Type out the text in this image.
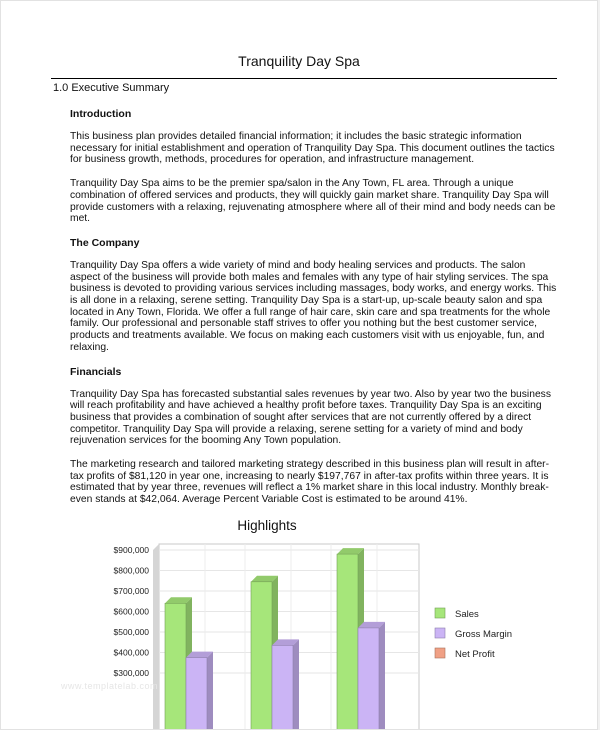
Tranquility Day Spa
1.0 Executive Summary
Introduction

This business plan provides detailed financial information; it includes the basic strategic information necessary for initial establishment and operation of Tranquility Day Spa. This document outlines the tactics for business growth, methods, procedures for operation, and infrastructure management.

Tranquility Day Spa aims to be the premier spa/salon in the Any Town, FL area. Through a unique combination of offered services and products, they will quickly gain market share. Tranquility Day Spa will provide customers with a relaxing, rejuvenating atmosphere where all of their mind and body needs can be met.

The Company

Tranquility Day Spa offers a wide variety of mind and body healing services and products. The salon aspect of the business will provide both males and females with any type of hair styling services. The spa business is devoted to providing various services including massages, body works, and energy works. This is all done in a relaxing, serene setting. Tranquility Day Spa is a start-up, up-scale beauty salon and spa located in Any Town, Florida. We offer a full range of hair care, skin care and spa treatments for the whole family. Our professional and personable staff strives to offer you nothing but the best customer service, products and treatments available. We focus on making each customers visit with us enjoyable, fun, and relaxing.

Financials

Tranquility Day Spa has forecasted substantial sales revenues by year two. Also by year two the business will reach profitability and have achieved a healthy profit before taxes. Tranquility Day Spa is an exciting business that provides a combination of sought after services that are not currently offered by a direct competitor. Tranquility Day Spa will provide a relaxing, serene setting for a variety of mind and body rejuvenation services for the booming Any Town population.

The marketing research and tailored marketing strategy described in this business plan will result in after-tax profits of $81,120 in year one, increasing to nearly $197,767 in after-tax profits within three years. It is estimated that by year three, revenues will reflect a 1% market share in this local industry. Monthly break-even stands at $42,064. Average Percent Variable Cost is estimated to be around 41%.

Highlights
$900,000
$800,000
$700,000
$600,000
$500,000
$400,000
$300,000
Sales
Gross Margin
Net Profit
www.templatelab.com
